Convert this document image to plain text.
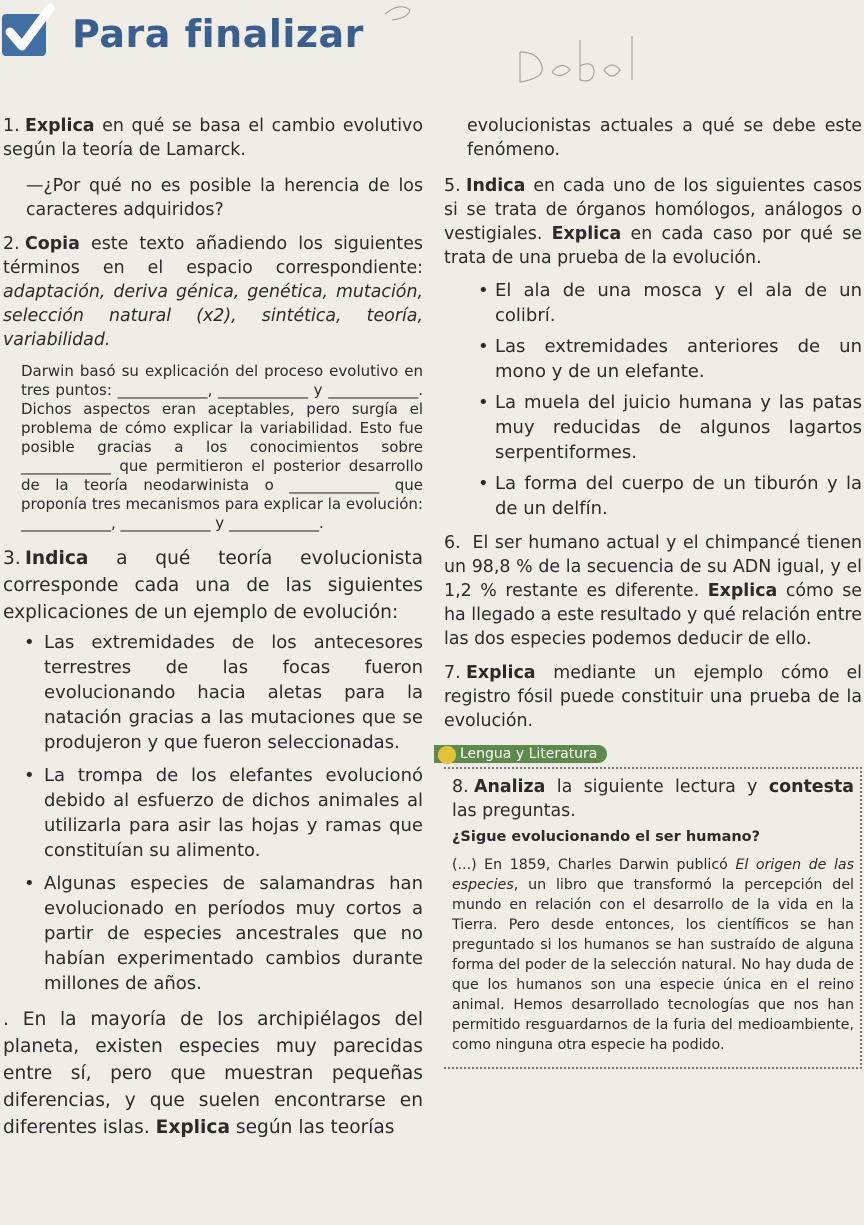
Para finalizar

1. Explica en qué se basa el cambio evolutivo según la teoría de Lamarck.

—¿Por qué no es posible la herencia de los caracteres adquiridos?

2. Copia este texto añadiendo los siguientes términos en el espacio correspondiente: adaptación, deriva génica, genética, mutación, selección natural (x2), sintética, teoría, variabilidad.

Darwin basó su explicación del proceso evolutivo en tres puntos: ____________, ____________ y ____________. Dichos aspectos eran aceptables, pero surgía el problema de cómo explicar la variabilidad. Esto fue posible gracias a los conocimientos sobre ____________ que permitieron el posterior desarrollo de la teoría neodarwinista o ____________ que proponía tres mecanismos para explicar la evolución: ____________, ____________ y ____________.

3. Indica a qué teoría evolucionista corresponde cada una de las siguientes explicaciones de un ejemplo de evolución:

• Las extremidades de los antecesores terrestres de las focas fueron evolucionando hacia aletas para la natación gracias a las mutaciones que se produjeron y que fueron seleccionadas.
• La trompa de los elefantes evolucionó debido al esfuerzo de dichos animales al utilizarla para asir las hojas y ramas que constituían su alimento.
• Algunas especies de salamandras han evolucionado en períodos muy cortos a partir de especies ancestrales que no habían experimentado cambios durante millones de años.

. En la mayoría de los archipiélagos del planeta, existen especies muy parecidas entre sí, pero que muestran pequeñas diferencias, y que suelen encontrarse en diferentes islas. Explica según las teorías

evolucionistas actuales a qué se debe este fenómeno.

5. Indica en cada uno de los siguientes casos si se trata de órganos homólogos, análogos o vestigiales. Explica en cada caso por qué se trata de una prueba de la evolución.

• El ala de una mosca y el ala de un colibrí.
• Las extremidades anteriores de un mono y de un elefante.
• La muela del juicio humana y las patas muy reducidas de algunos lagartos serpentiformes.
• La forma del cuerpo de un tiburón y la de un delfín.

6. El ser humano actual y el chimpancé tienen un 98,8 % de la secuencia de su ADN igual, y el 1,2 % restante es diferente. Explica cómo se ha llegado a este resultado y qué relación entre las dos especies podemos deducir de ello.

7. Explica mediante un ejemplo cómo el registro fósil puede constituir una prueba de la evolución.

Lengua y Literatura

8. Analiza la siguiente lectura y contesta las preguntas.

¿Sigue evolucionando el ser humano?

(...) En 1859, Charles Darwin publicó El origen de las especies, un libro que transformó la percepción del mundo en relación con el desarrollo de la vida en la Tierra. Pero desde entonces, los científicos se han preguntado si los humanos se han sustraído de alguna forma del poder de la selección natural. No hay duda de que los humanos son una especie única en el reino animal. Hemos desarrollado tecnologías que nos han permitido resguardarnos de la furia del medioambiente, como ninguna otra especie ha podido.
